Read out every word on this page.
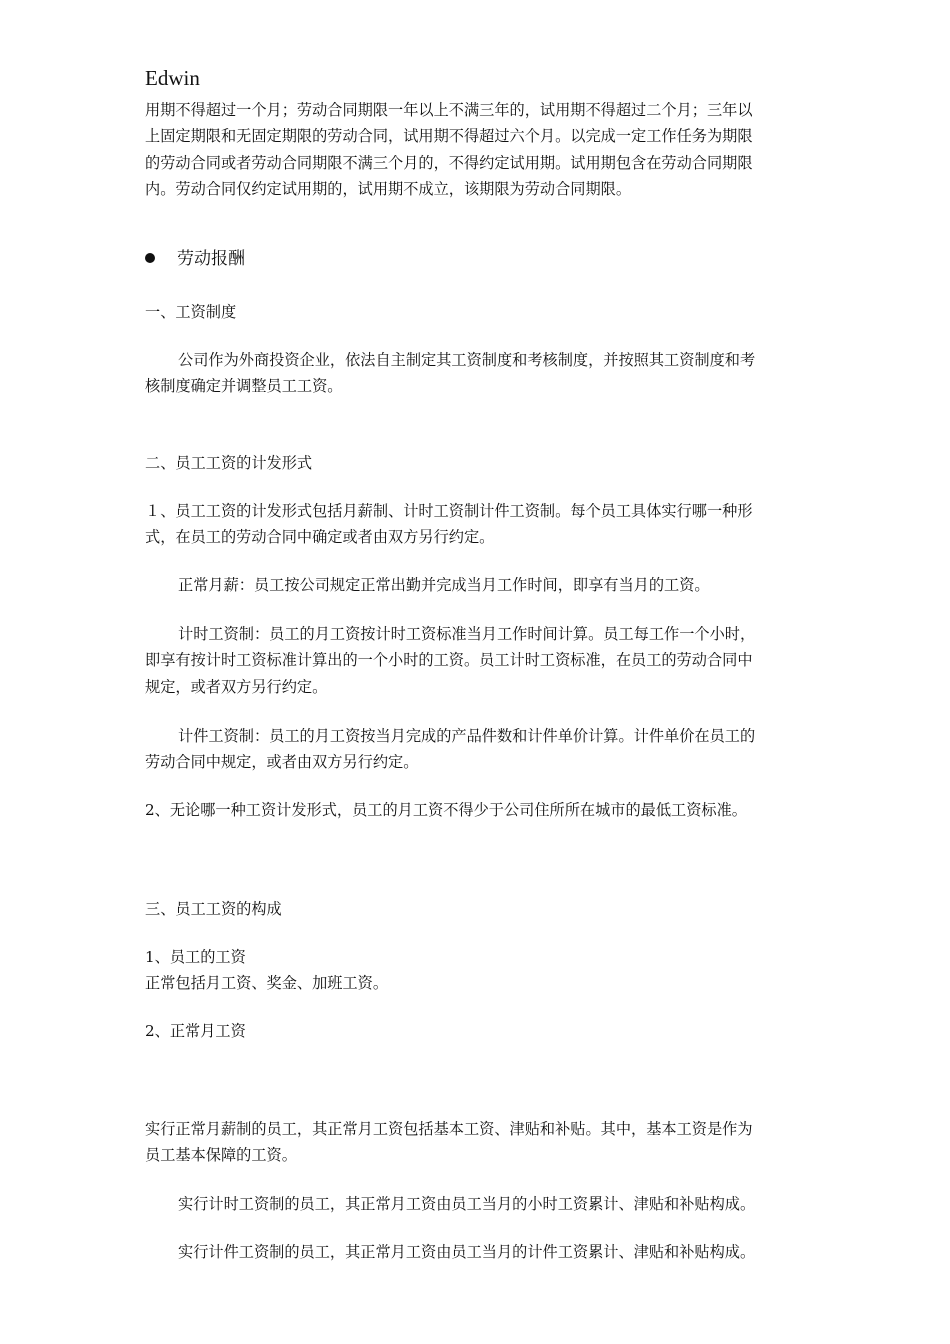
Edwin
用期不得超过一个月；劳动合同期限一年以上不满三年的，试用期不得超过二个月；三年以
上固定期限和无固定期限的劳动合同，试用期不得超过六个月。以完成一定工作任务为期限
的劳动合同或者劳动合同期限不满三个月的，不得约定试用期。试用期包含在劳动合同期限
内。劳动合同仅约定试用期的，试用期不成立，该期限为劳动合同期限。
劳动报酬
一、工资制度
公司作为外商投资企业，依法自主制定其工资制度和考核制度，并按照其工资制度和考
核制度确定并调整员工工资。
二、员工工资的计发形式
１、员工工资的计发形式包括月薪制、计时工资制计件工资制。每个员工具体实行哪一种形
式，在员工的劳动合同中确定或者由双方另行约定。
正常月薪：员工按公司规定正常出勤并完成当月工作时间，即享有当月的工资。
计时工资制：员工的月工资按计时工资标准当月工作时间计算。员工每工作一个小时，
即享有按计时工资标准计算出的一个小时的工资。员工计时工资标准，在员工的劳动合同中
规定，或者双方另行约定。
计件工资制：员工的月工资按当月完成的产品件数和计件单价计算。计件单价在员工的
劳动合同中规定，或者由双方另行约定。
2、无论哪一种工资计发形式，员工的月工资不得少于公司住所所在城市的最低工资标准。
三、员工工资的构成
1、员工的工资
正常包括月工资、奖金、加班工资。
2、正常月工资
实行正常月薪制的员工，其正常月工资包括基本工资、津贴和补贴。其中，基本工资是作为
员工基本保障的工资。
实行计时工资制的员工，其正常月工资由员工当月的小时工资累计、津贴和补贴构成。
实行计件工资制的员工，其正常月工资由员工当月的计件工资累计、津贴和补贴构成。
